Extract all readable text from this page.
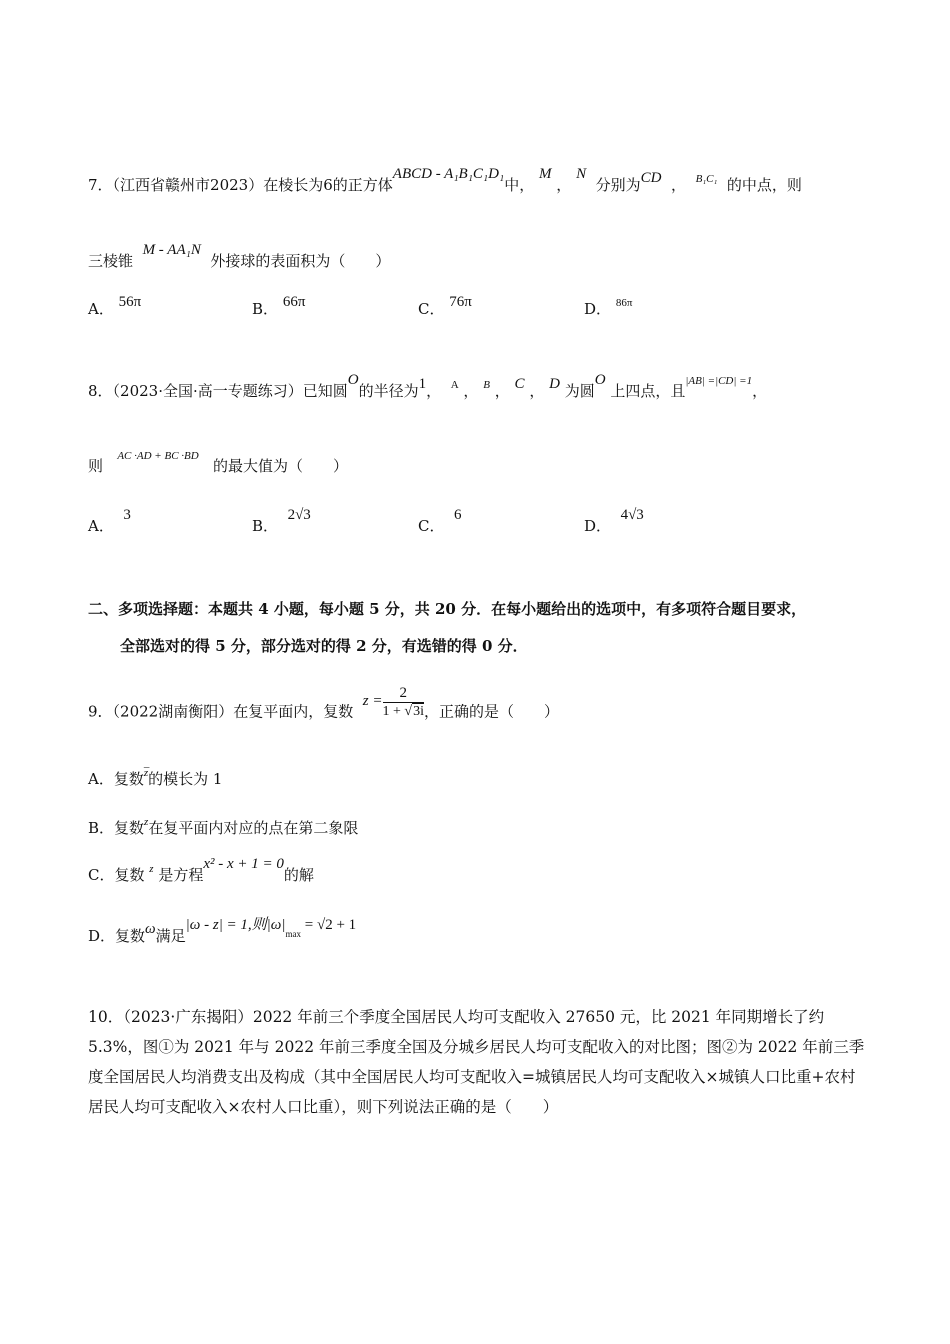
7．（江西省赣州市2023）在棱长为6的正方体ABCD - A₁B₁C₁D₁中， M ， N  分别为CD ， $^{B_1C_1}$ 的中点，则
三棱锥  M - AA₁N  外接球的表面积为（　　）
A． 56π	B． 66π	C． 76π	D． $^{86\pi}$
8．（2023·全国·高一专题练习）已知圆O的半径为1， $^A$ ， $^B$ ， C ， D 为圆O 上四点，且$^{|AB| =|CD| =1}$，
则   $^{AC \cdot AD + BC \cdot BD}$   的最大值为（　　）
A．  3
B．  2√3
C．  6
D．  4√3
二、多项选择题：本题共 4 小题，每小题 5 分，共 20 分．在每小题给出的选项中，有多项符合题目要求，
全部选对的得 5 分，部分选对的得 2 分，有选错的得 0 分．
9．（2022湖南衡阳）在复平面内，复数  $z = \frac{2}{1 + √3i}$ ，正确的是（　　）
A．复数
_
$^z$的模长为 1
B．复数$^z$在复平面内对应的点在第二象限
C．复数 $^z$ 是方程x² - x + 1 = 0的解
D．复数ω满足|ω - z| = 1,则$|\omega|^{max} = √2 + 1$
10．（2023·广东揭阳）2022 年前三个季度全国居民人均可支配收入 27650 元，比 2021 年同期增长了约 5.3%，图①为 2021 年与 2022 年前三季度全国及分城乡居民人均可支配收入的对比图；图②为 2022 年前三季度全国居民人均消费支出及构成（其中全国居民人均可支配收入=城镇居民人均可支配收入×城镇人口比重+农村居民人均可支配收入×农村人口比重），则下列说法正确的是（　　）
